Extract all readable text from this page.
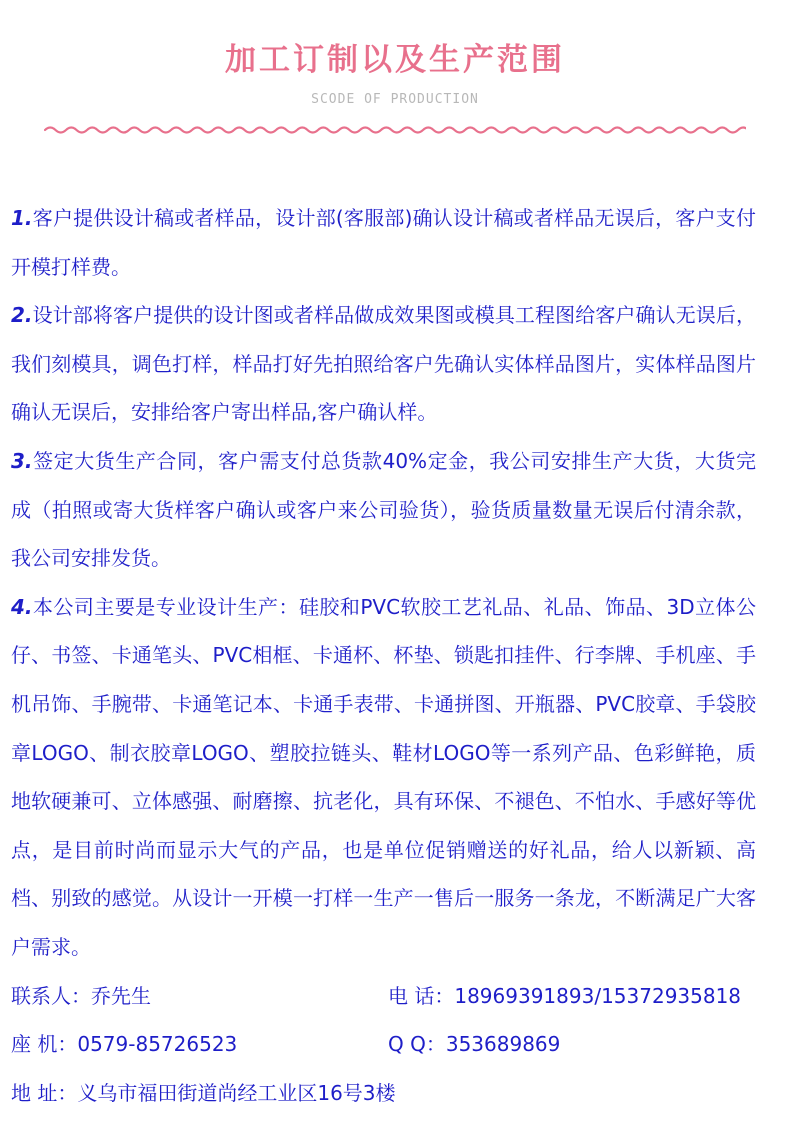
加工订制以及生产范围
SCODE OF PRODUCTION

1.客户提供设计稿或者样品，设计部(客服部)确认设计稿或者样品无误后，客户支付开模打样费。

2.设计部将客户提供的设计图或者样品做成效果图或模具工程图给客户确认无误后，我们刻模具，调色打样，样品打好先拍照给客户先确认实体样品图片，实体样品图片确认无误后，安排给客户寄出样品,客户确认样。

3.签定大货生产合同，客户需支付总货款40%定金，我公司安排生产大货，大货完成（拍照或寄大货样客户确认或客户来公司验货），验货质量数量无误后付清余款，我公司安排发货。

4.本公司主要是专业设计生产：硅胶和PVC软胶工艺礼品、礼品、饰品、3D立体公仔、书签、卡通笔头、PVC相框、卡通杯、杯垫、锁匙扣挂件、行李牌、手机座、手机吊饰、手腕带、卡通笔记本、卡通手表带、卡通拼图、开瓶器、PVC胶章、手袋胶章LOGO、制衣胶章LOGO、塑胶拉链头、鞋材LOGO等一系列产品、色彩鲜艳，质地软硬兼可、立体感强、耐磨擦、抗老化，具有环保、不褪色、不怕水、手感好等优点，是目前时尚而显示大气的产品，也是单位促销赠送的好礼品，给人以新颖、高档、别致的感觉。从设计一开模一打样一生产一售后一服务一条龙，不断满足广大客户需求。

联系人：乔先生	电 话：18969391893/15372935818
座 机：0579-85726523	Q Q：353689869
地 址：义乌市福田街道尚经工业区16号3楼
